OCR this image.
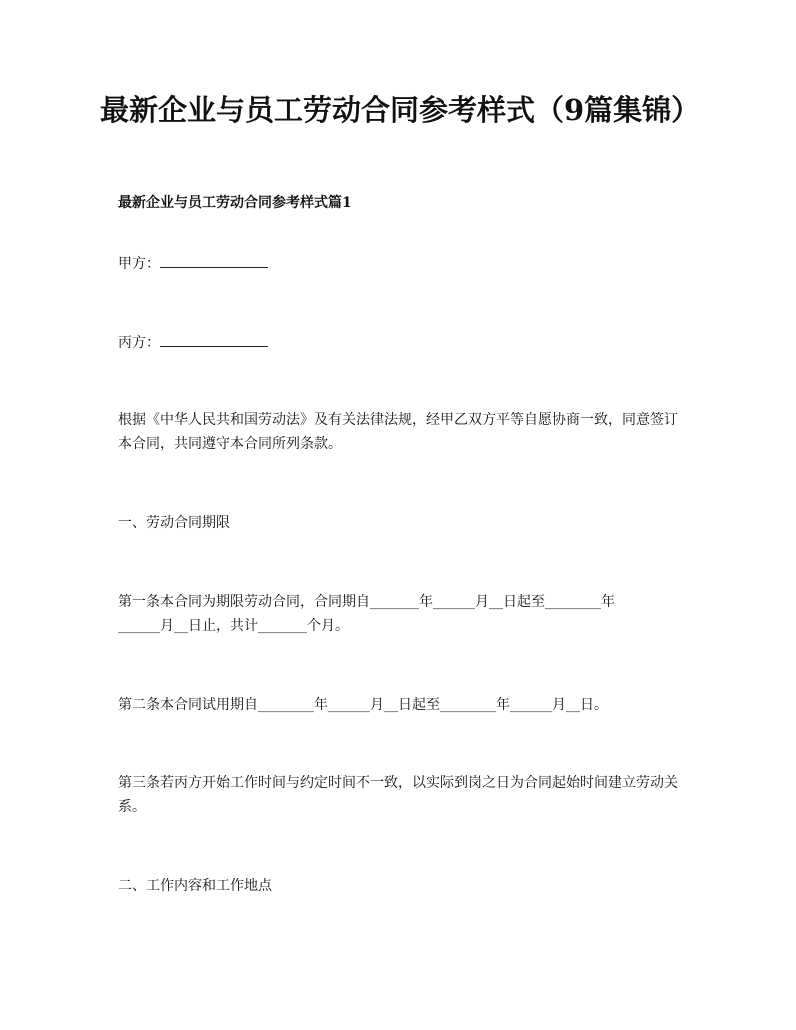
最新企业与员工劳动合同参考样式（9篇集锦）

最新企业与员工劳动合同参考样式篇1

甲方：

丙方：

根据《中华人民共和国劳动法》及有关法律法规，经甲乙双方平等自愿协商一致，同意签订本合同，共同遵守本合同所列条款。

一、劳动合同期限

第一条本合同为期限劳动合同，合同期自_______年______月__日起至________年

______月__日止，共计_______个月。

第二条本合同试用期自________年______月__日起至________年______月__日。

第三条若丙方开始工作时间与约定时间不一致，以实际到岗之日为合同起始时间建立劳动关系。

二、工作内容和工作地点
